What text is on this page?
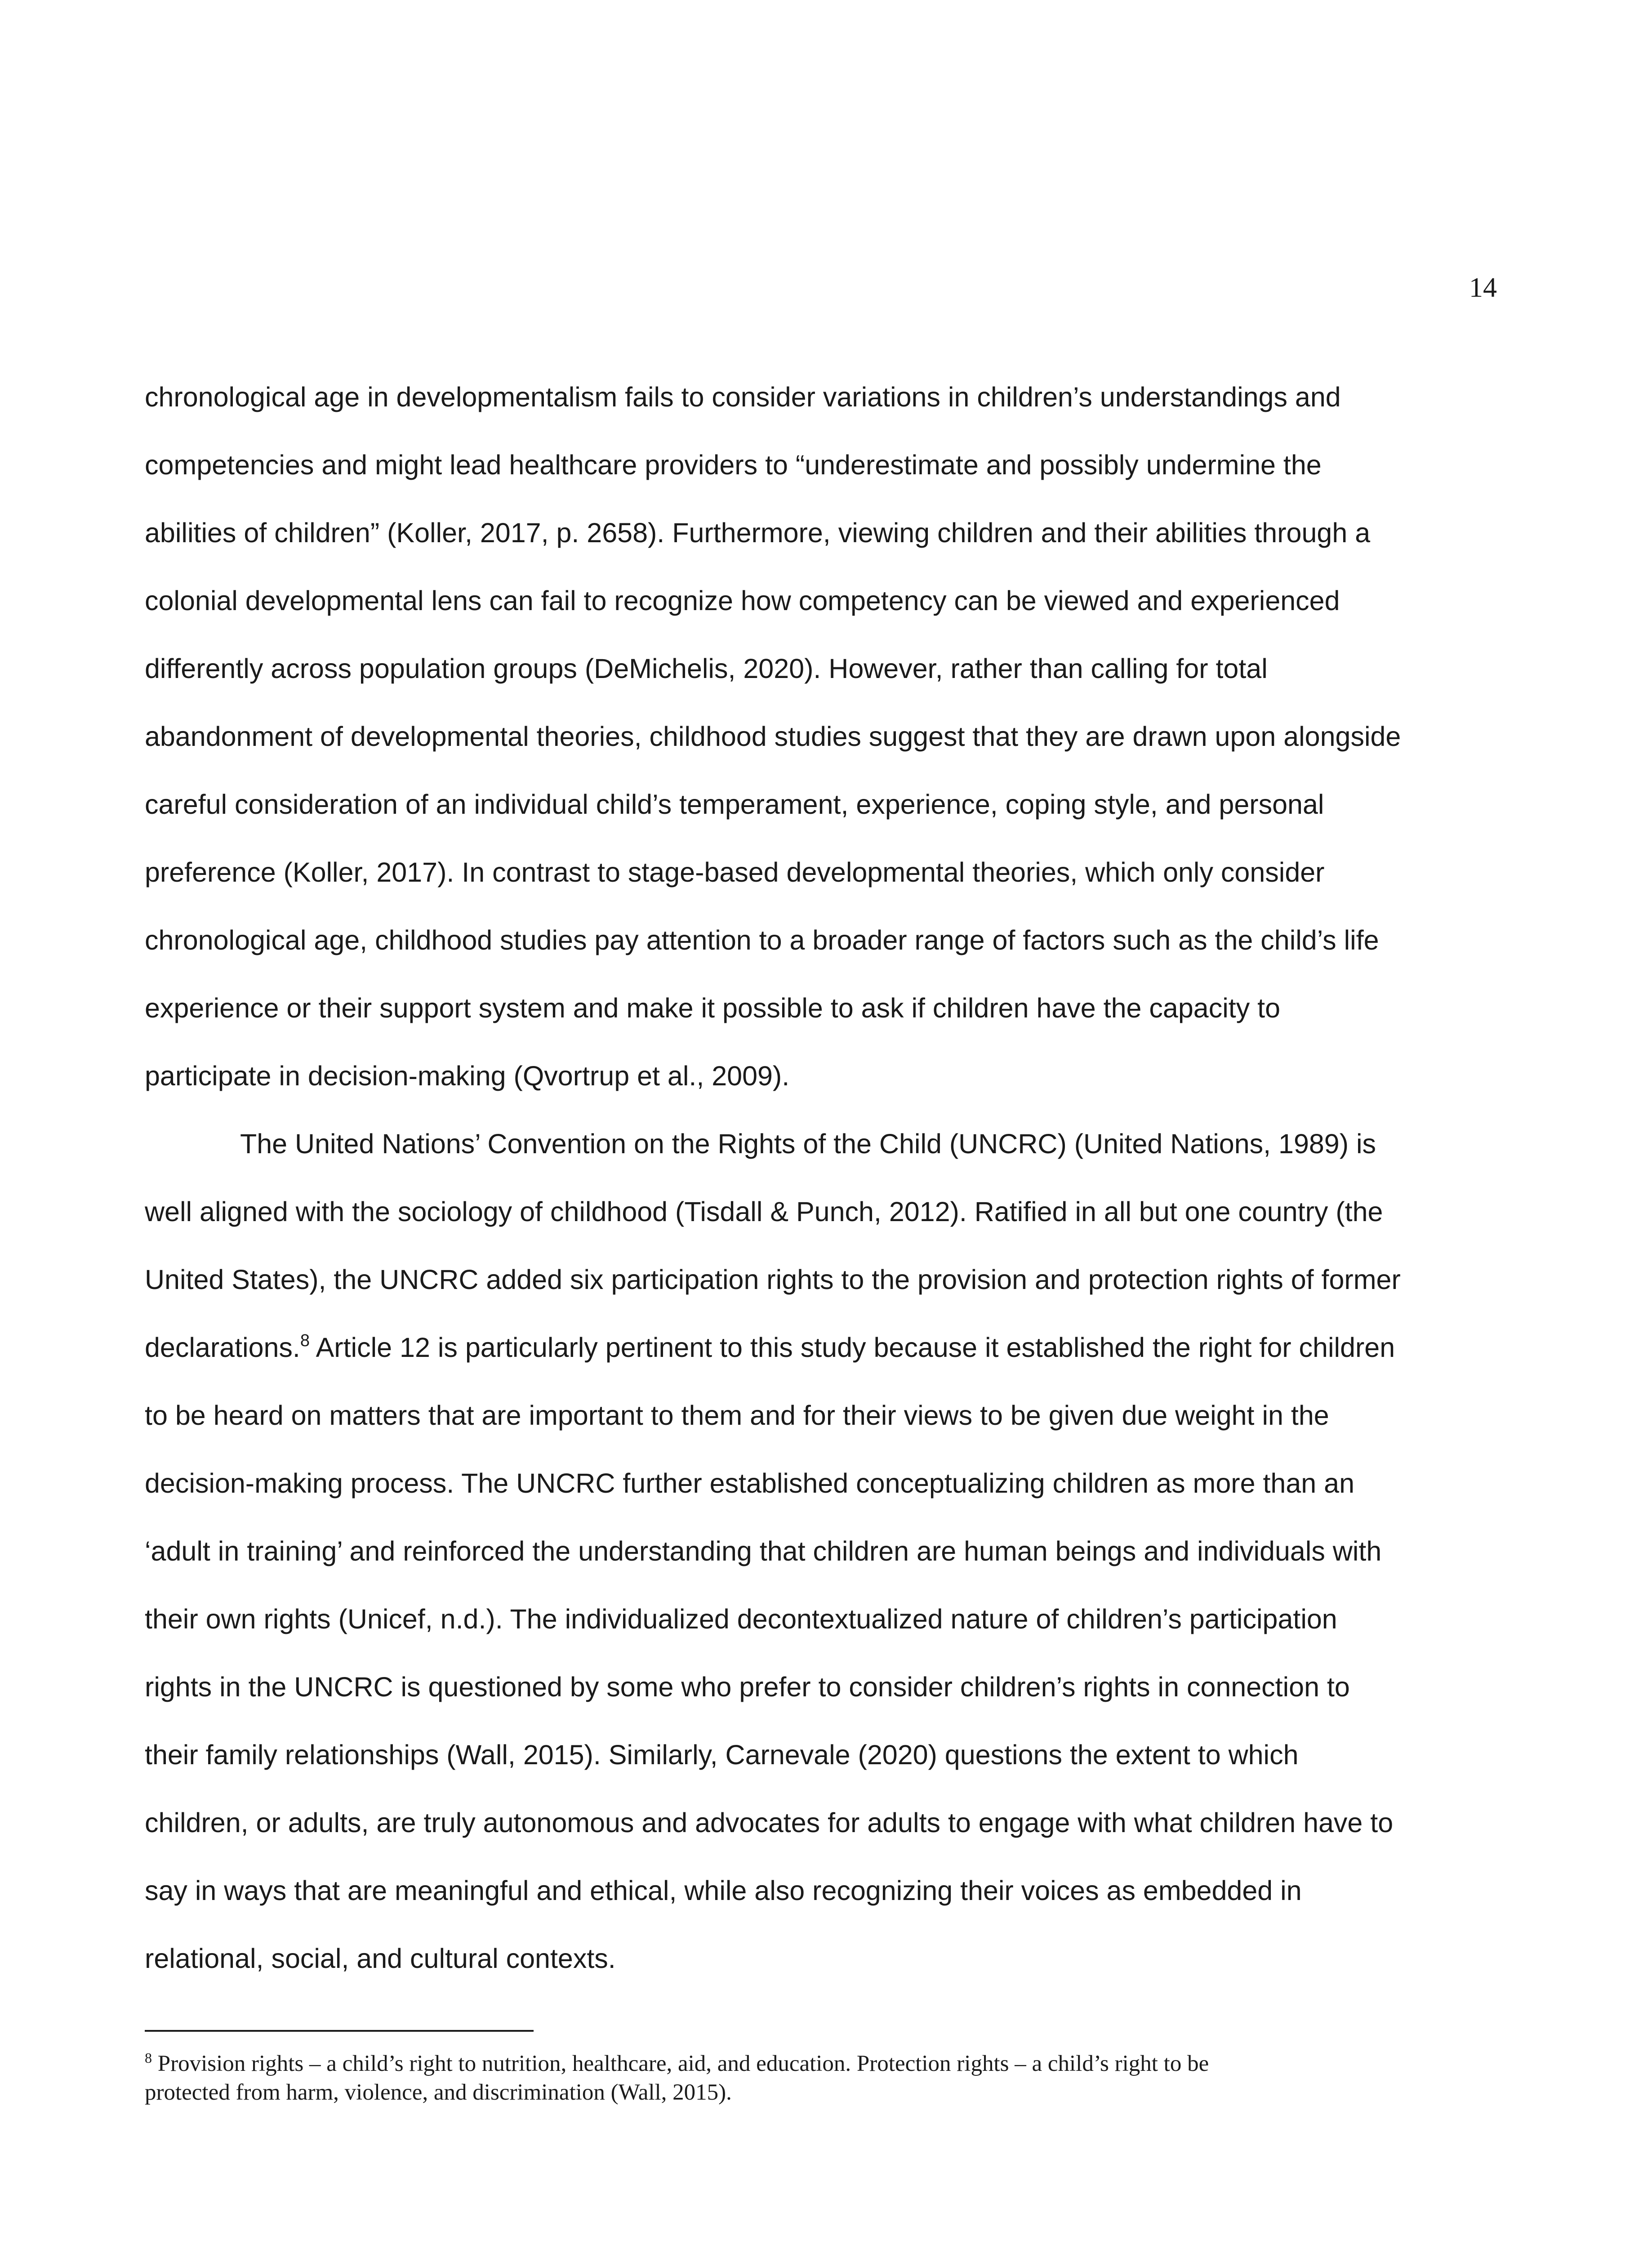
14

chronological age in developmentalism fails to consider variations in children’s understandings and
competencies and might lead healthcare providers to “underestimate and possibly undermine the
abilities of children” (Koller, 2017, p. 2658). Furthermore, viewing children and their abilities through a
colonial developmental lens can fail to recognize how competency can be viewed and experienced
differently across population groups (DeMichelis, 2020). However, rather than calling for total
abandonment of developmental theories, childhood studies suggest that they are drawn upon alongside
careful consideration of an individual child’s temperament, experience, coping style, and personal
preference (Koller, 2017). In contrast to stage-based developmental theories, which only consider
chronological age, childhood studies pay attention to a broader range of factors such as the child’s life
experience or their support system and make it possible to ask if children have the capacity to
participate in decision-making (Qvortrup et al., 2009).

The United Nations’ Convention on the Rights of the Child (UNCRC) (United Nations, 1989) is
well aligned with the sociology of childhood (Tisdall & Punch, 2012). Ratified in all but one country (the
United States), the UNCRC added six participation rights to the provision and protection rights of former
declarations.$^8$ Article 12 is particularly pertinent to this study because it established the right for children
to be heard on matters that are important to them and for their views to be given due weight in the
decision-making process. The UNCRC further established conceptualizing children as more than an
‘adult in training’ and reinforced the understanding that children are human beings and individuals with
their own rights (Unicef, n.d.). The individualized decontextualized nature of children’s participation
rights in the UNCRC is questioned by some who prefer to consider children’s rights in connection to
their family relationships (Wall, 2015). Similarly, Carnevale (2020) questions the extent to which
children, or adults, are truly autonomous and advocates for adults to engage with what children have to
say in ways that are meaningful and ethical, while also recognizing their voices as embedded in
relational, social, and cultural contexts.

$^8$ Provision rights – a child’s right to nutrition, healthcare, aid, and education. Protection rights – a child’s right to be
protected from harm, violence, and discrimination (Wall, 2015).
